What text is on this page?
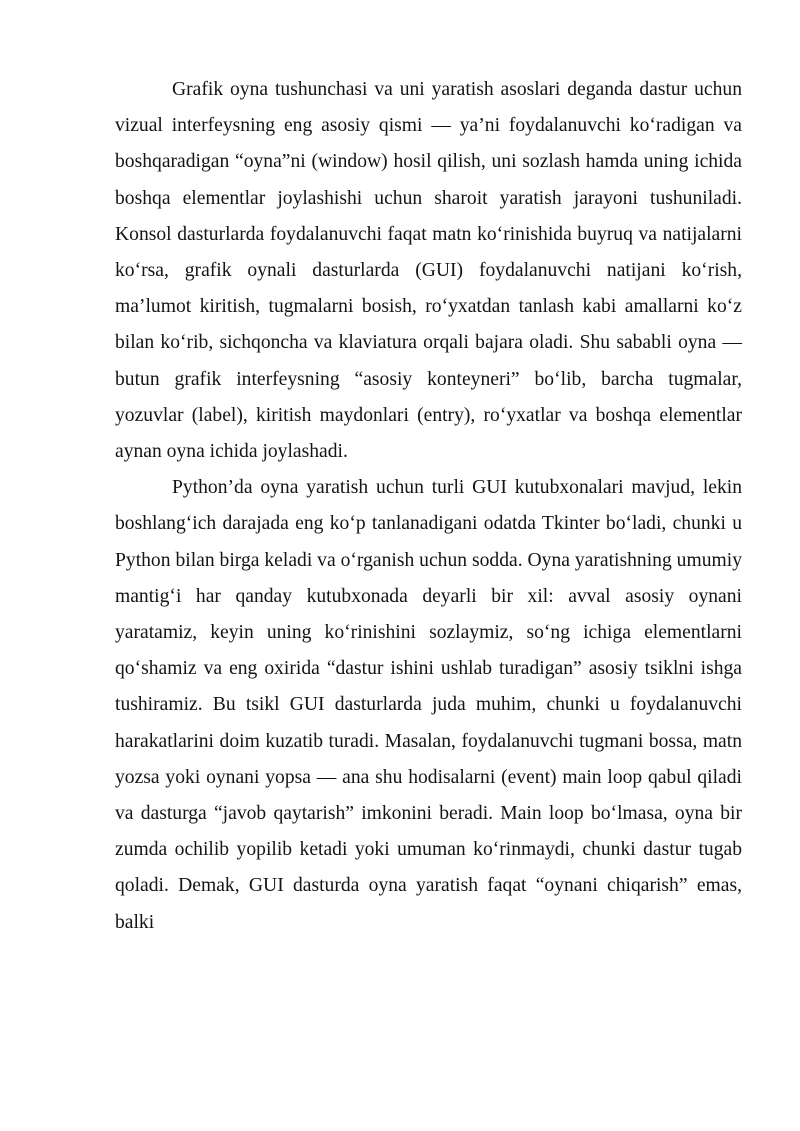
Grafik oyna tushunchasi va uni yaratish asoslari deganda dastur uchun vizual interfeysning eng asosiy qismi — ya’ni foydalanuvchi ko‘radigan va boshqaradigan “oyna”ni (window) hosil qilish, uni sozlash hamda uning ichida boshqa elementlar joylashishi uchun sharoit yaratish jarayoni tushuniladi. Konsol dasturlarda foydalanuvchi faqat matn ko‘rinishida buyruq va natijalarni ko‘rsa, grafik oynali dasturlarda (GUI) foydalanuvchi natijani ko‘rish, ma’lumot kiritish, tugmalarni bosish, ro‘yxatdan tanlash kabi amallarni ko‘z bilan ko‘rib, sichqoncha va klaviatura orqali bajara oladi. Shu sababli oyna — butun grafik interfeysning “asosiy konteyneri” bo‘lib, barcha tugmalar, yozuvlar (label), kiritish maydonlari (entry), ro‘yxatlar va boshqa elementlar aynan oyna ichida joylashadi.

Python’da oyna yaratish uchun turli GUI kutubxonalari mavjud, lekin boshlang‘ich darajada eng ko‘p tanlanadigani odatda Tkinter bo‘ladi, chunki u Python bilan birga keladi va o‘rganish uchun sodda. Oyna yaratishning umumiy mantig‘i har qanday kutubxonada deyarli bir xil: avval asosiy oynani yaratamiz, keyin uning ko‘rinishini sozlaymiz, so‘ng ichiga elementlarni qo‘shamiz va eng oxirida “dastur ishini ushlab turadigan” asosiy tsiklni ishga tushiramiz. Bu tsikl GUI dasturlarda juda muhim, chunki u foydalanuvchi harakatlarini doim kuzatib turadi. Masalan, foydalanuvchi tugmani bossa, matn yozsa yoki oynani yopsa — ana shu hodisalarni (event) main loop qabul qiladi va dasturga “javob qaytarish” imkonini beradi. Main loop bo‘lmasa, oyna bir zumda ochilib yopilib ketadi yoki umuman ko‘rinmaydi, chunki dastur tugab qoladi. Demak, GUI dasturda oyna yaratish faqat “oynani chiqarish” emas, balki
